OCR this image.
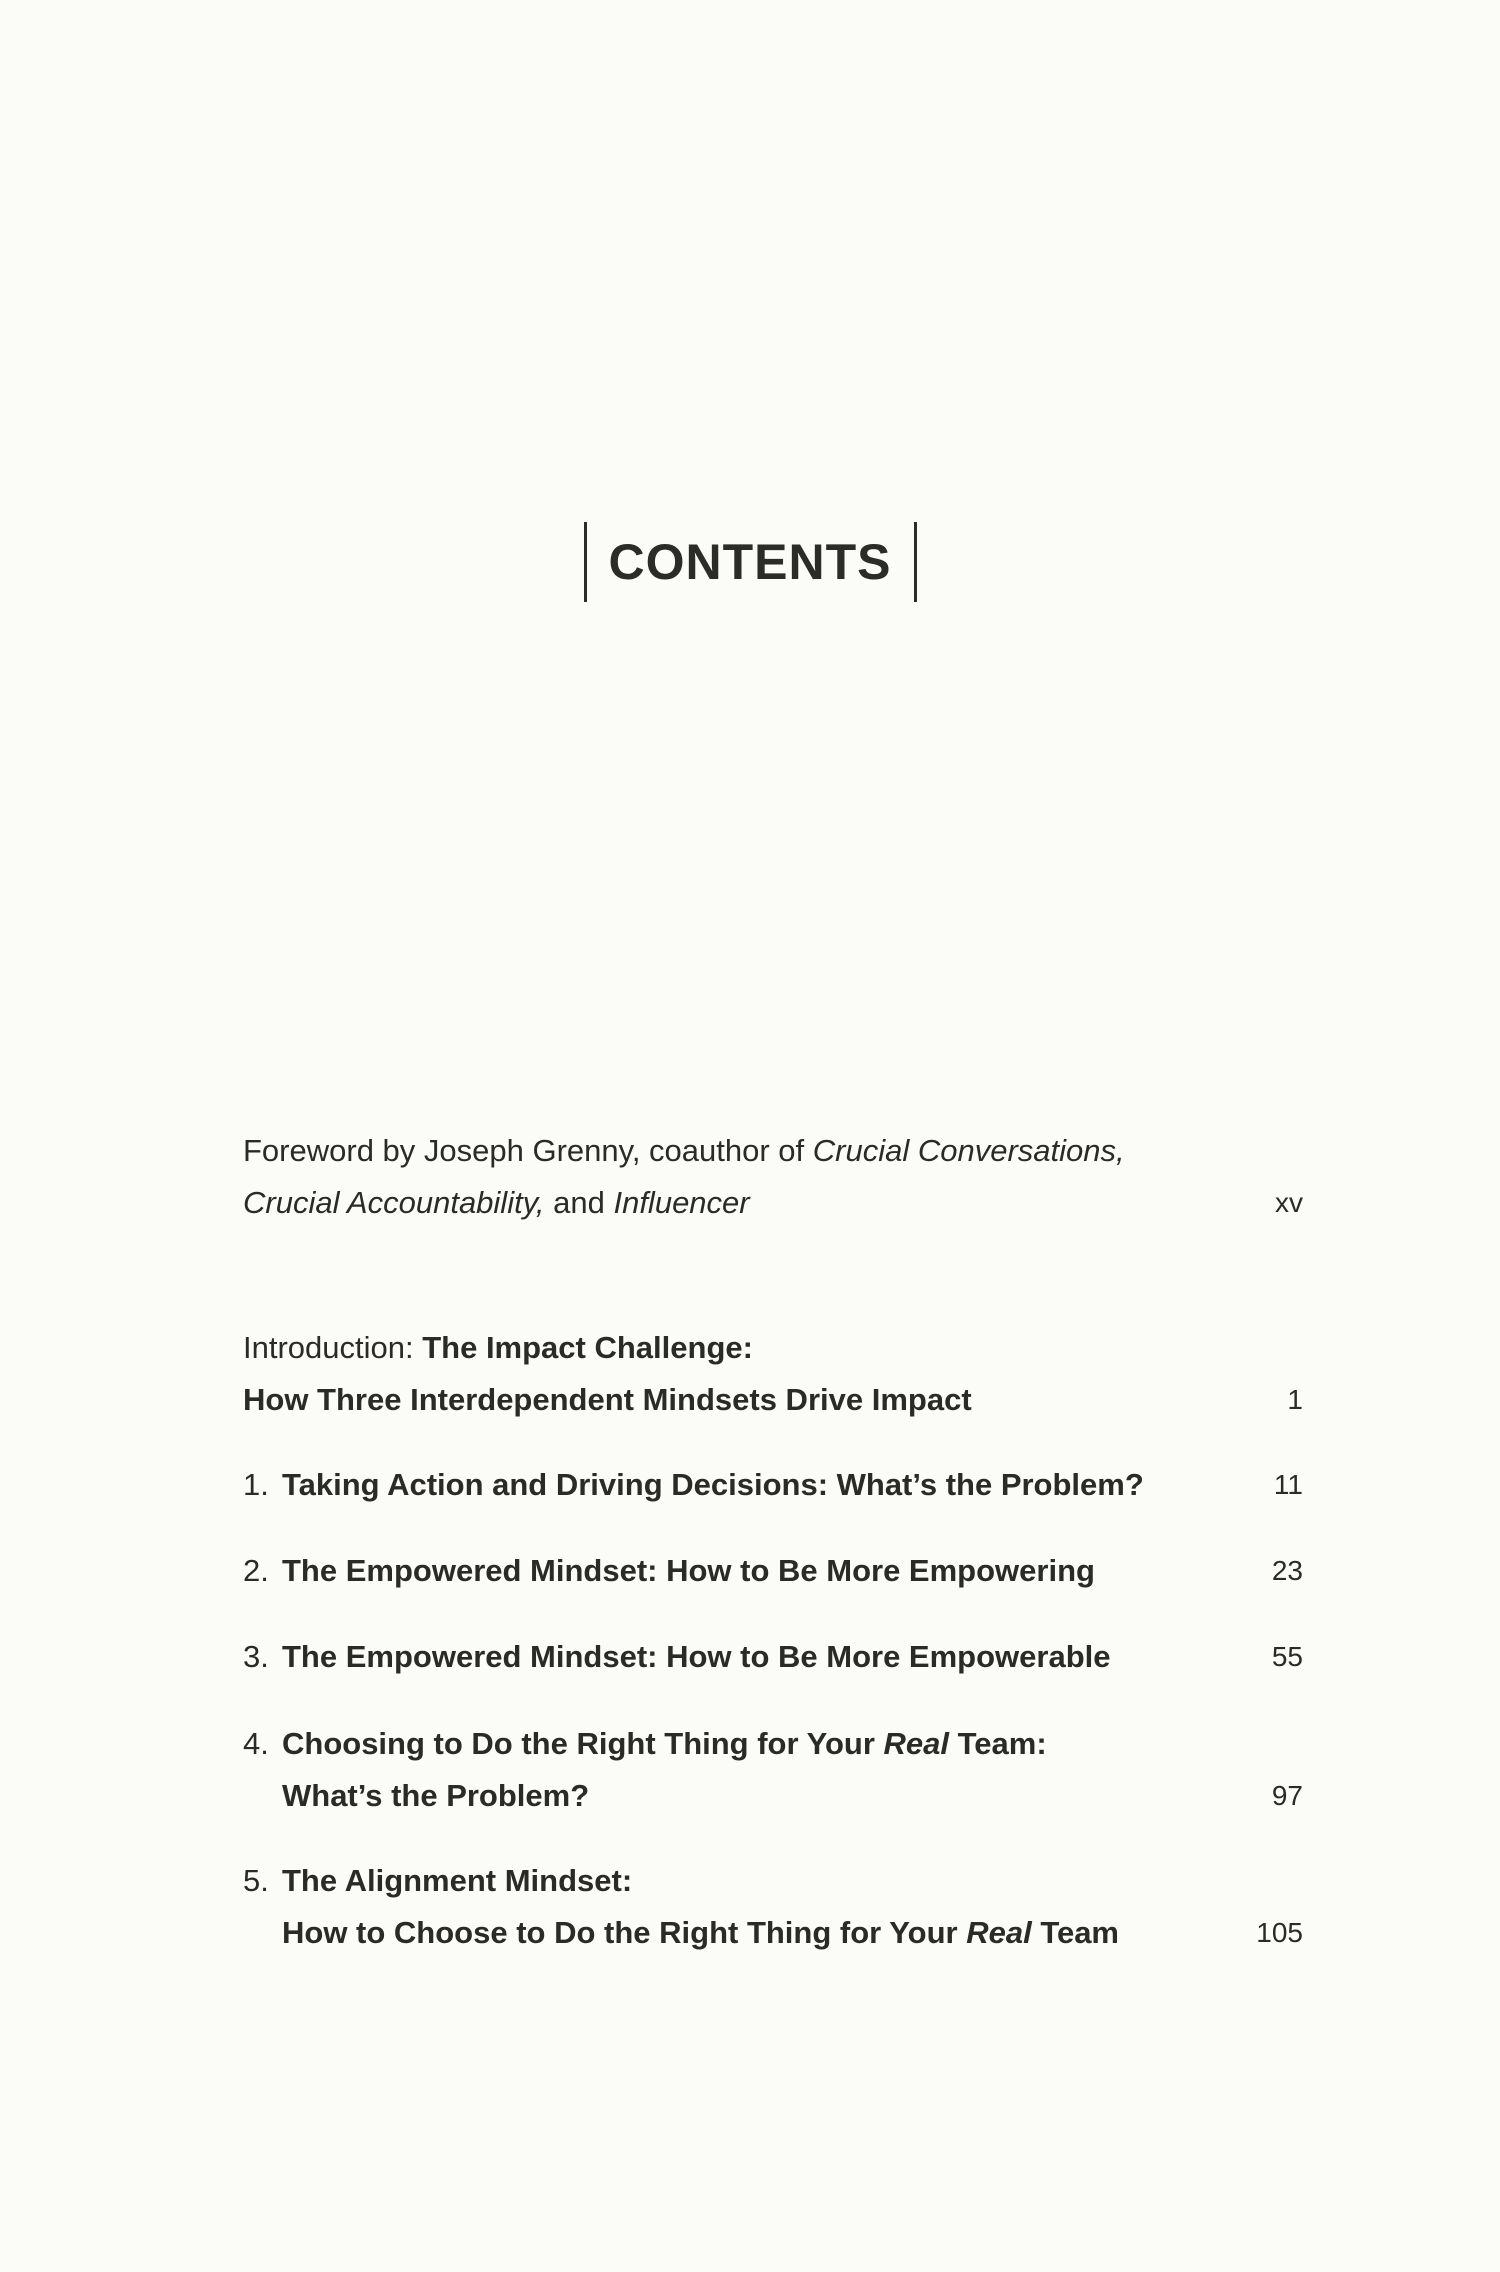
CONTENTS
Foreword by Joseph Grenny, coauthor of Crucial Conversations,
Crucial Accountability, and Influencer	xv
Introduction: The Impact Challenge:
How Three Interdependent Mindsets Drive Impact	1
1. Taking Action and Driving Decisions: What’s the Problem?	11
2. The Empowered Mindset: How to Be More Empowering	23
3. The Empowered Mindset: How to Be More Empowerable	55
4. Choosing to Do the Right Thing for Your Real Team:
What’s the Problem?	97
5. The Alignment Mindset:
How to Choose to Do the Right Thing for Your Real Team	105
